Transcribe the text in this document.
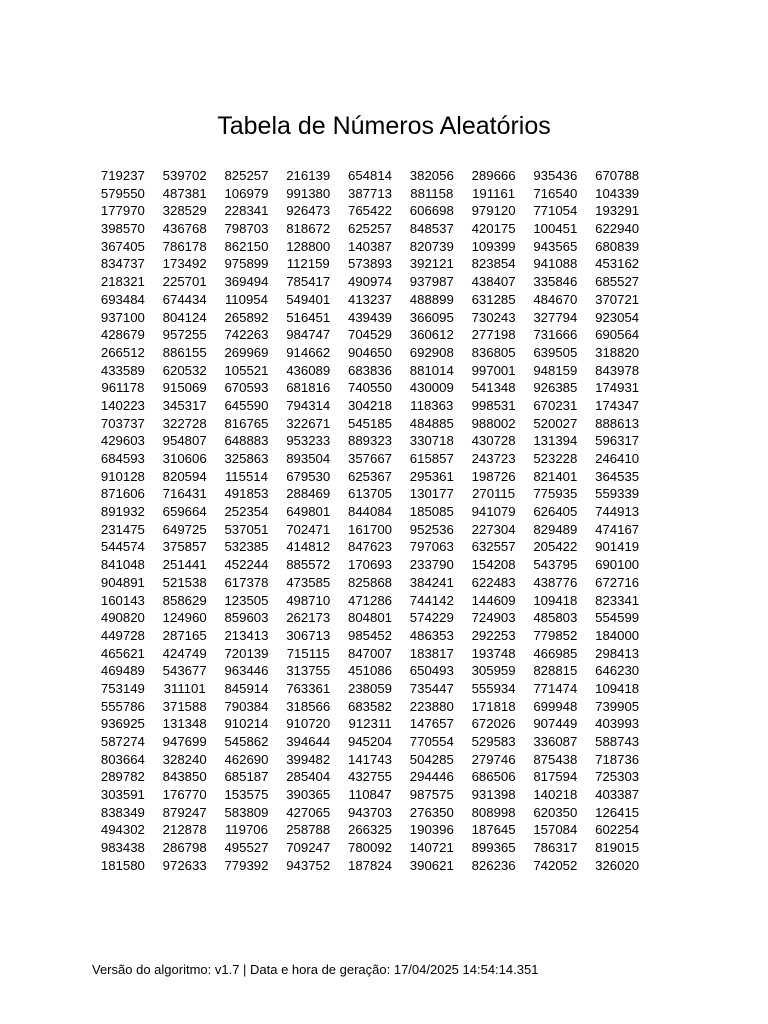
Tabela de Números Aleatórios
719237	539702	825257	216139	654814	382056	289666	935436	670788
579550	487381	106979	991380	387713	881158	191161	716540	104339
177970	328529	228341	926473	765422	606698	979120	771054	193291
398570	436768	798703	818672	625257	848537	420175	100451	622940
367405	786178	862150	128800	140387	820739	109399	943565	680839
834737	173492	975899	112159	573893	392121	823854	941088	453162
218321	225701	369494	785417	490974	937987	438407	335846	685527
693484	674434	110954	549401	413237	488899	631285	484670	370721
937100	804124	265892	516451	439439	366095	730243	327794	923054
428679	957255	742263	984747	704529	360612	277198	731666	690564
266512	886155	269969	914662	904650	692908	836805	639505	318820
433589	620532	105521	436089	683836	881014	997001	948159	843978
961178	915069	670593	681816	740550	430009	541348	926385	174931
140223	345317	645590	794314	304218	118363	998531	670231	174347
703737	322728	816765	322671	545185	484885	988002	520027	888613
429603	954807	648883	953233	889323	330718	430728	131394	596317
684593	310606	325863	893504	357667	615857	243723	523228	246410
910128	820594	115514	679530	625367	295361	198726	821401	364535
871606	716431	491853	288469	613705	130177	270115	775935	559339
891932	659664	252354	649801	844084	185085	941079	626405	744913
231475	649725	537051	702471	161700	952536	227304	829489	474167
544574	375857	532385	414812	847623	797063	632557	205422	901419
841048	251441	452244	885572	170693	233790	154208	543795	690100
904891	521538	617378	473585	825868	384241	622483	438776	672716
160143	858629	123505	498710	471286	744142	144609	109418	823341
490820	124960	859603	262173	804801	574229	724903	485803	554599
449728	287165	213413	306713	985452	486353	292253	779852	184000
465621	424749	720139	715115	847007	183817	193748	466985	298413
469489	543677	963446	313755	451086	650493	305959	828815	646230
753149	311101	845914	763361	238059	735447	555934	771474	109418
555786	371588	790384	318566	683582	223880	171818	699948	739905
936925	131348	910214	910720	912311	147657	672026	907449	403993
587274	947699	545862	394644	945204	770554	529583	336087	588743
803664	328240	462690	399482	141743	504285	279746	875438	718736
289782	843850	685187	285404	432755	294446	686506	817594	725303
303591	176770	153575	390365	110847	987575	931398	140218	403387
838349	879247	583809	427065	943703	276350	808998	620350	126415
494302	212878	119706	258788	266325	190396	187645	157084	602254
983438	286798	495527	709247	780092	140721	899365	786317	819015
181580	972633	779392	943752	187824	390621	826236	742052	326020
Versão do algoritmo: v1.7 | Data e hora de geração: 17/04/2025 14:54:14.351
